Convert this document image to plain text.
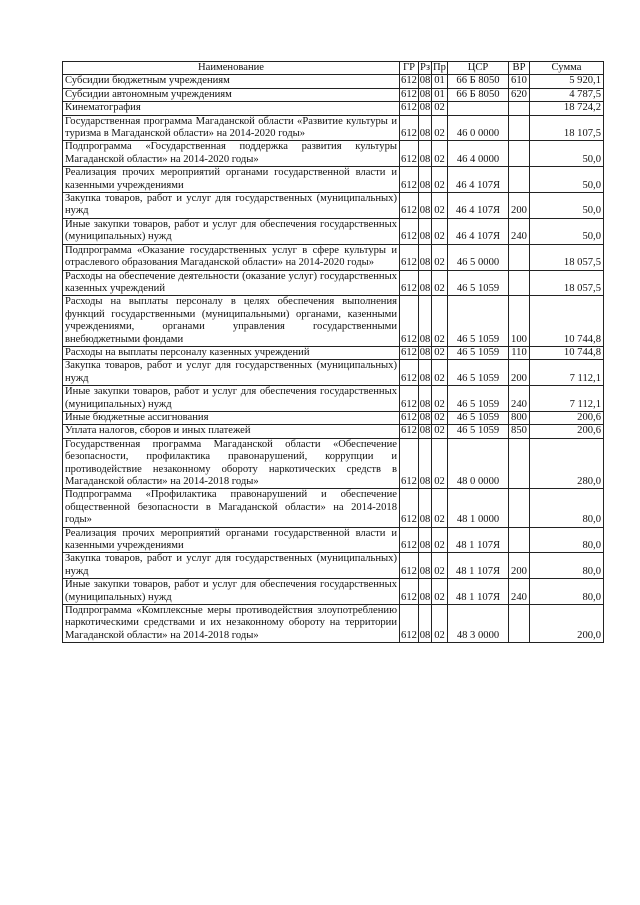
Наименование	ГР	Рз	Пр	ЦСР	ВР	Сумма
Субсидии бюджетным учреждениям	612	08	01	66 Б 8050	610	5 920,1
Субсидии автономным учреждениям	612	08	01	66 Б 8050	620	4 787,5
Кинематография	612	08	02			18 724,2
Государственная программа Магаданской области «Развитие культуры и туризма в Магаданской области» на 2014-2020 годы»	612	08	02	46 0 0000		18 107,5
Подпрограмма «Государственная поддержка развития культуры Магаданской области» на 2014-2020 годы»	612	08	02	46 4 0000		50,0
Реализация прочих мероприятий органами государственной власти и казенными учреждениями	612	08	02	46 4 107Я		50,0
Закупка товаров, работ и услуг для государственных (муниципальных) нужд	612	08	02	46 4 107Я	200	50,0
Иные закупки товаров, работ и услуг для обеспечения государственных (муниципальных) нужд	612	08	02	46 4 107Я	240	50,0
Подпрограмма «Оказание государственных услуг в сфере культуры и отраслевого образования Магаданской области» на 2014-2020 годы»	612	08	02	46 5 0000		18 057,5
Расходы на обеспечение деятельности (оказание услуг) государственных казенных учреждений	612	08	02	46 5 1059		18 057,5
Расходы на выплаты персоналу в целях обеспечения выполнения функций государственными (муниципальными) органами, казенными учреждениями, органами управления государственными внебюджетными фондами	612	08	02	46 5 1059	100	10 744,8
Расходы на выплаты персоналу казенных учреждений	612	08	02	46 5 1059	110	10 744,8
Закупка товаров, работ и услуг для государственных (муниципальных) нужд	612	08	02	46 5 1059	200	7 112,1
Иные закупки товаров, работ и услуг для обеспечения государственных (муниципальных) нужд	612	08	02	46 5 1059	240	7 112,1
Иные бюджетные ассигнования	612	08	02	46 5 1059	800	200,6
Уплата налогов, сборов и иных платежей	612	08	02	46 5 1059	850	200,6
Государственная программа Магаданской области «Обеспечение безопасности, профилактика правонарушений, коррупции и противодействие незаконному обороту наркотических средств в Магаданской области» на 2014-2018 годы»	612	08	02	48 0 0000		280,0
Подпрограмма «Профилактика правонарушений и обеспечение общественной безопасности в Магаданской области» на 2014-2018 годы»	612	08	02	48 1 0000		80,0
Реализация прочих мероприятий органами государственной власти и казенными учреждениями	612	08	02	48 1 107Я		80,0
Закупка товаров, работ и услуг для государственных (муниципальных) нужд	612	08	02	48 1 107Я	200	80,0
Иные закупки товаров, работ и услуг для обеспечения государственных (муниципальных) нужд	612	08	02	48 1 107Я	240	80,0
Подпрограмма «Комплексные меры противодействия злоупотреблению наркотическими средствами и их незаконному обороту на территории Магаданской области» на 2014-2018 годы»	612	08	02	48 3 0000		200,0
